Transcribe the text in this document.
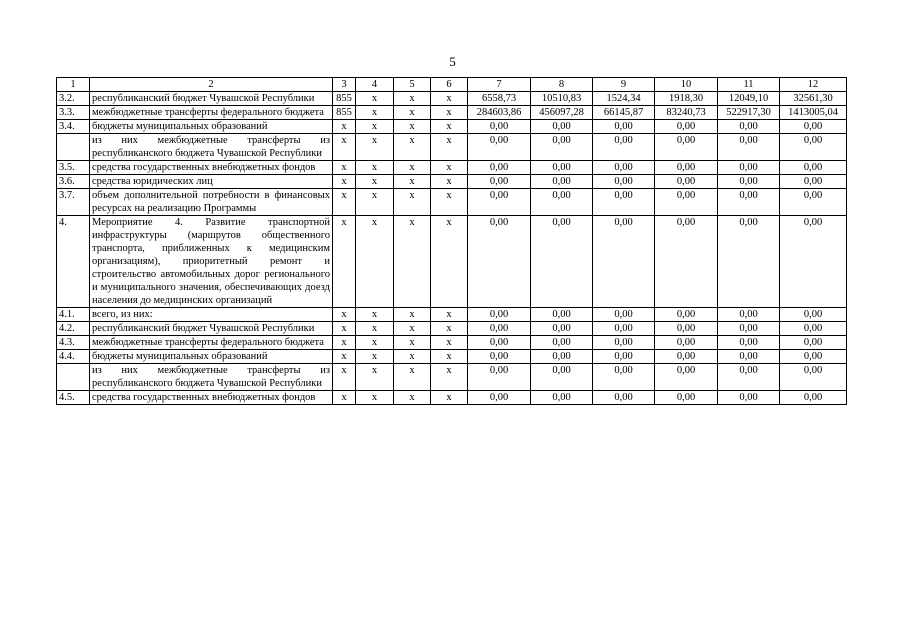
5
1	2	3	4	5	6	7	8	9	10	11	12
3.2.	республиканский бюджет Чувашской Республики	855	x	x	x	6558,73	10510,83	1524,34	1918,30	12049,10	32561,30
3.3.	межбюджетные трансферты федерального бюджета	855	x	x	x	284603,86	456097,28	66145,87	83240,73	522917,30	1413005,04
3.4.	бюджеты муниципальных образований	x	x	x	x	0,00	0,00	0,00	0,00	0,00	0,00
	из них межбюджетные трансферты из республиканского бюджета Чувашской Республики	x	x	x	x	0,00	0,00	0,00	0,00	0,00	0,00
3.5.	средства государственных внебюджетных фондов	x	x	x	x	0,00	0,00	0,00	0,00	0,00	0,00
3.6.	средства юридических лиц	x	x	x	x	0,00	0,00	0,00	0,00	0,00	0,00
3.7.	объем дополнительной потребности в финансовых ресурсах на реализацию Программы	x	x	x	x	0,00	0,00	0,00	0,00	0,00	0,00
4.	Мероприятие 4. Развитие транспортной инфраструктуры (маршрутов общественного транспорта, приближенных к медицинским организациям), приоритетный ремонт и строительство автомобильных дорог регионального и муниципального значения, обеспечивающих доезд населения до медицинских организаций	x	x	x	x	0,00	0,00	0,00	0,00	0,00	0,00
4.1.	всего, из них:	x	x	x	x	0,00	0,00	0,00	0,00	0,00	0,00
4.2.	республиканский бюджет Чувашской Республики	x	x	x	x	0,00	0,00	0,00	0,00	0,00	0,00
4.3.	межбюджетные трансферты федерального бюджета	x	x	x	x	0,00	0,00	0,00	0,00	0,00	0,00
4.4.	бюджеты муниципальных образований	x	x	x	x	0,00	0,00	0,00	0,00	0,00	0,00
	из них межбюджетные трансферты из республиканского бюджета Чувашской Республики	x	x	x	x	0,00	0,00	0,00	0,00	0,00	0,00
4.5.	средства государственных внебюджетных фондов	x	x	x	x	0,00	0,00	0,00	0,00	0,00	0,00
